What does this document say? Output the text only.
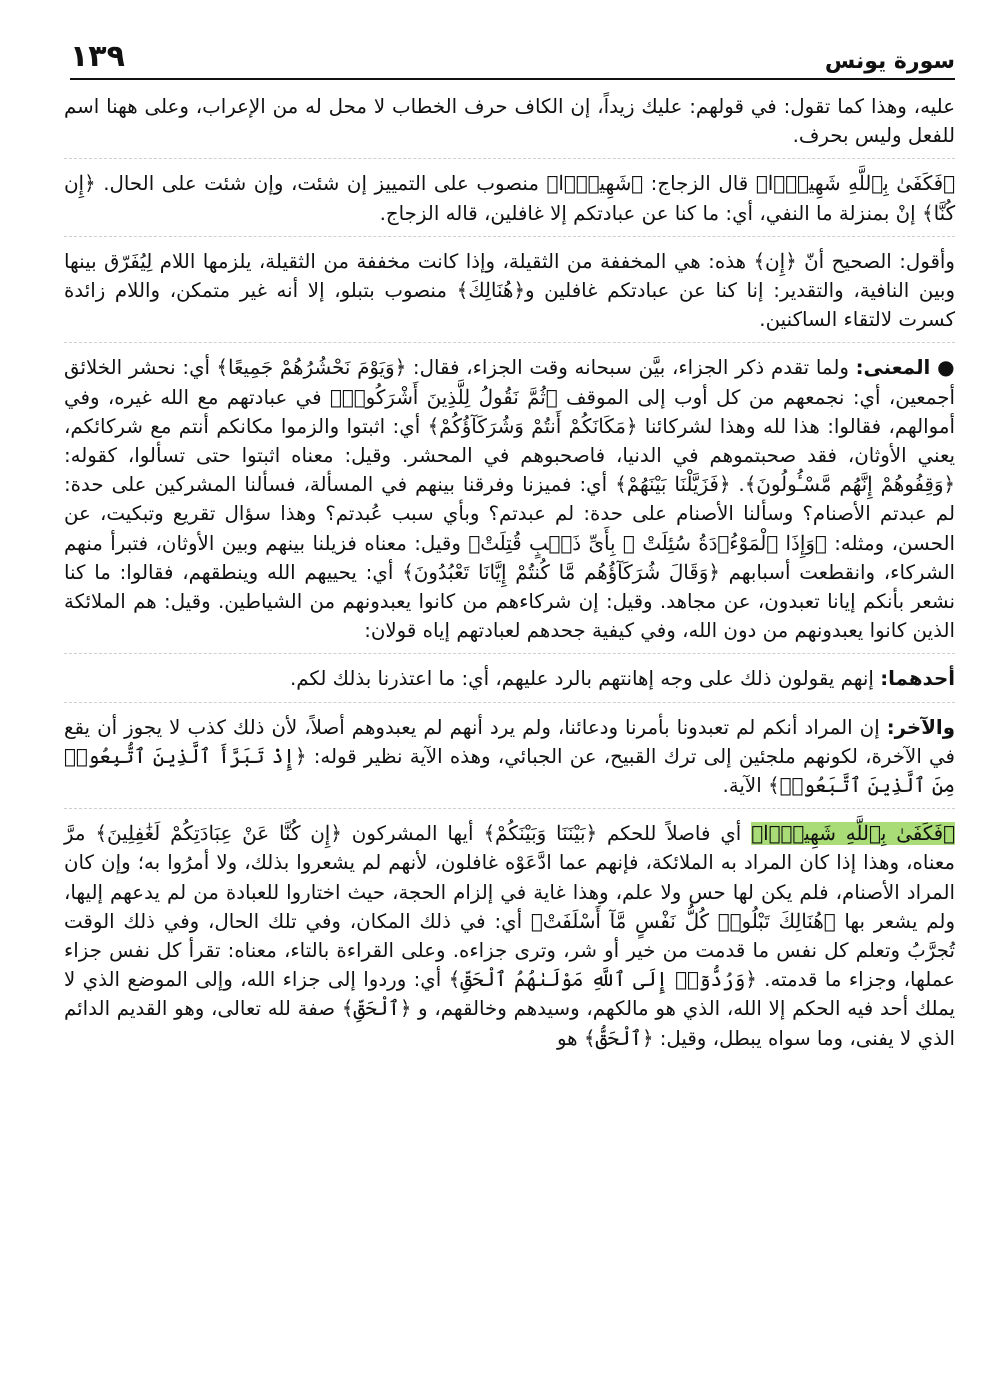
١٣٩	سورة يونس

عليه، وهذا كما تقول: في قولهم: عليك زيداً، إن الكاف حرف الخطاب لا محل له من الإعراب، وعلى ههنا اسم للفعل وليس بحرف.

﴿فَكَفَىٰ بِٱللَّهِ شَهِيدًۢا﴾ قال الزجاج: ﴿شَهِيدًۢا﴾ منصوب على التمييز إن شئت، وإن شئت على الحال. ﴿إِن كُنَّا﴾ إنْ بمنزلة ما النفي، أي: ما كنا عن عبادتكم إلا غافلين، قاله الزجاج.

وأقول: الصحيح أنّ ﴿إِن﴾ هذه: هي المخففة من الثقيلة، وإذا كانت مخففة من الثقيلة، يلزمها اللام لِيُفَرّق بينها وبين النافية، والتقدير: إنا كنا عن عبادتكم غافلين و﴿هُنَالِكَ﴾ منصوب بتبلو، إلا أنه غير متمكن، واللام زائدة كسرت لالتقاء الساكنين.

● المعنى: ولما تقدم ذكر الجزاء، بيَّن سبحانه وقت الجزاء، فقال: ﴿وَيَوْمَ نَحْشُرُهُمْ جَمِيعًا﴾ أي: نحشر الخلائق أجمعين، أي: نجمعهم من كل أوب إلى الموقف ﴿ثُمَّ نَقُولُ لِلَّذِينَ أَشْرَكُوا۟﴾ في عبادتهم مع الله غيره، وفي أموالهم، فقالوا: هذا لله وهذا لشركائنا ﴿مَكَانَكُمْ أَنتُمْ وَشُرَكَآؤُكُمْ﴾ أي: اثبتوا والزموا مكانكم أنتم مع شركائكم، يعني الأوثان، فقد صحبتموهم في الدنيا، فاصحبوهم في المحشر. وقيل: معناه اثبتوا حتى تسألوا، كقوله: ﴿وَقِفُوهُمْ إِنَّهُم مَّسْـُٔولُونَ﴾. ﴿فَزَيَّلْنَا بَيْنَهُمْ﴾ أي: فميزنا وفرقنا بينهم في المسألة، فسألنا المشركين على حدة: لم عبدتم الأصنام؟ وسألنا الأصنام على حدة: لم عبدتم؟ وبأي سبب عُبدتم؟ وهذا سؤال تقريع وتبكيت، عن الحسن، ومثله: ﴿وَإِذَا ٱلْمَوْءُۥدَةُ سُئِلَتْ ۞ بِأَىِّ ذَنۢبٍ قُتِلَتْ﴾ وقيل: معناه فزيلنا بينهم وبين الأوثان، فتبرأ منهم الشركاء، وانقطعت أسبابهم ﴿وَقَالَ شُرَكَآؤُهُم مَّا كُنتُمْ إِيَّانَا تَعْبُدُونَ﴾ أي: يحييهم الله وينطقهم، فقالوا: ما كنا نشعر بأنكم إيانا تعبدون، عن مجاهد. وقيل: إن شركاءهم من كانوا يعبدونهم من الشياطين. وقيل: هم الملائكة الذين كانوا يعبدونهم من دون الله، وفي كيفية جحدهم لعبادتهم إياه قولان:

أحدهما: إنهم يقولون ذلك على وجه إهانتهم بالرد عليهم، أي: ما اعتذرنا بذلك لكم.

والآخر: إن المراد أنكم لم تعبدونا بأمرنا ودعائنا، ولم يرد أنهم لم يعبدوهم أصلاً، لأن ذلك كذب لا يجوز أن يقع في الآخرة، لكونهم ملجئين إلى ترك القبيح، عن الجبائي، وهذه الآية نظير قوله: ﴿إِذْ تَبَرَّأَ ٱلَّذِينَ ٱتُّبِعُوا۟ مِنَ ٱلَّذِينَ ٱتَّبَعُوا۟﴾ الآية.

﴿فَكَفَىٰ بِٱللَّهِ شَهِيدًۢا﴾ أي فاصلاً للحكم ﴿بَيْنَنَا وَبَيْنَكُمْ﴾ أيها المشركون ﴿إِن كُنَّا عَنْ عِبَادَتِكُمْ لَغَٰفِلِينَ﴾ مرَّ معناه، وهذا إذا كان المراد به الملائكة، فإنهم عما ادَّعَوْه غافلون، لأنهم لم يشعروا بذلك، ولا أمرُوا به؛ وإن كان المراد الأصنام، فلم يكن لها حس ولا علم، وهذا غاية في إلزام الحجة، حيث اختاروا للعبادة من لم يدعهم إليها، ولم يشعر بها ﴿هُنَالِكَ تَبْلُوا۟ كُلُّ نَفْسٍ مَّآ أَسْلَفَتْ﴾ أي: في ذلك المكان، وفي تلك الحال، وفي ذلك الوقت تُجرَّبُ وتعلم كل نفس ما قدمت من خير أو شر، وترى جزاءه. وعلى القراءة بالتاء، معناه: تقرأ كل نفس جزاء عملها، وجزاء ما قدمته. ﴿وَرُدُّوٓا۟ إِلَى ٱللَّهِ مَوْلَىٰهُمُ ٱلْحَقِّ﴾ أي: وردوا إلى جزاء الله، وإلى الموضع الذي لا يملك أحد فيه الحكم إلا الله، الذي هو مالكهم، وسيدهم وخالقهم، و ﴿ٱلْحَقِّ﴾ صفة لله تعالى، وهو القديم الدائم الذي لا يفنى، وما سواه يبطل، وقيل: ﴿ٱلْحَقُّ﴾ هو
